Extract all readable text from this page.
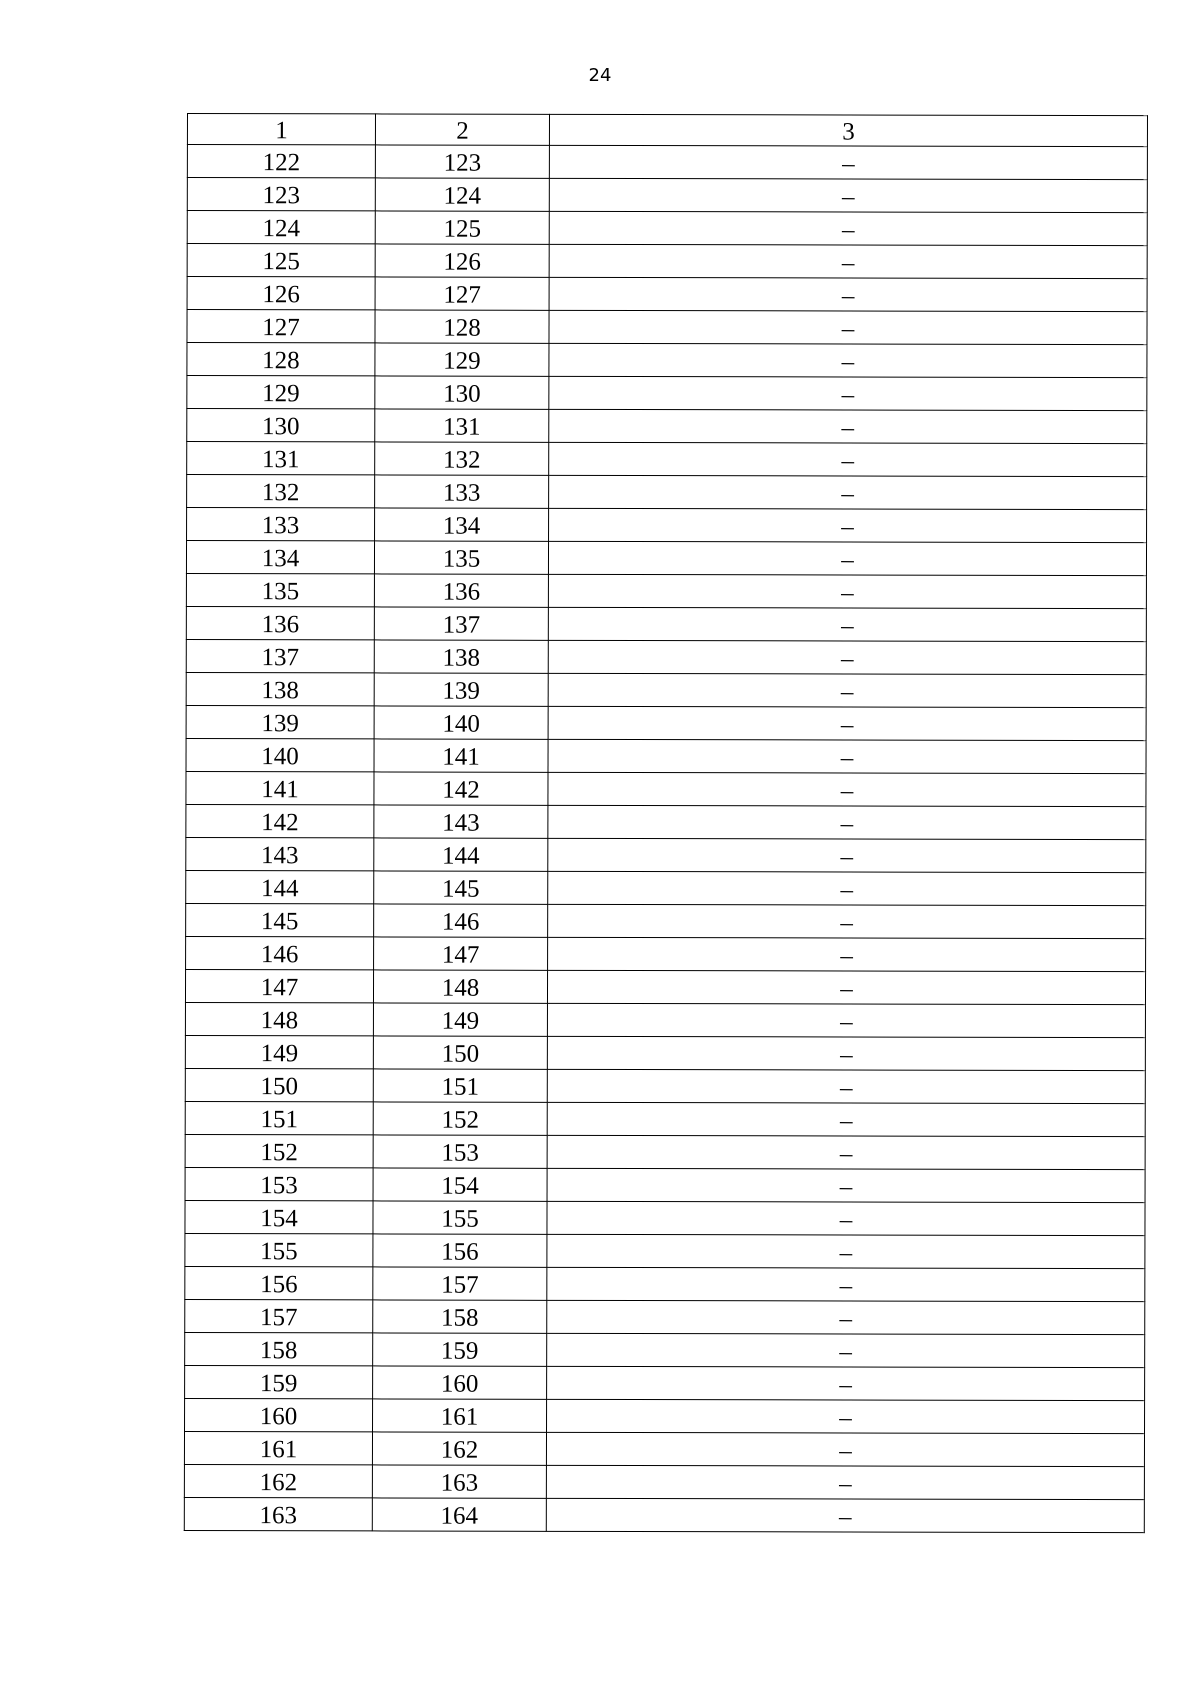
24
1	2	3
122	123	–
123	124	–
124	125	–
125	126	–
126	127	–
127	128	–
128	129	–
129	130	–
130	131	–
131	132	–
132	133	–
133	134	–
134	135	–
135	136	–
136	137	–
137	138	–
138	139	–
139	140	–
140	141	–
141	142	–
142	143	–
143	144	–
144	145	–
145	146	–
146	147	–
147	148	–
148	149	–
149	150	–
150	151	–
151	152	–
152	153	–
153	154	–
154	155	–
155	156	–
156	157	–
157	158	–
158	159	–
159	160	–
160	161	–
161	162	–
162	163	–
163	164	–
